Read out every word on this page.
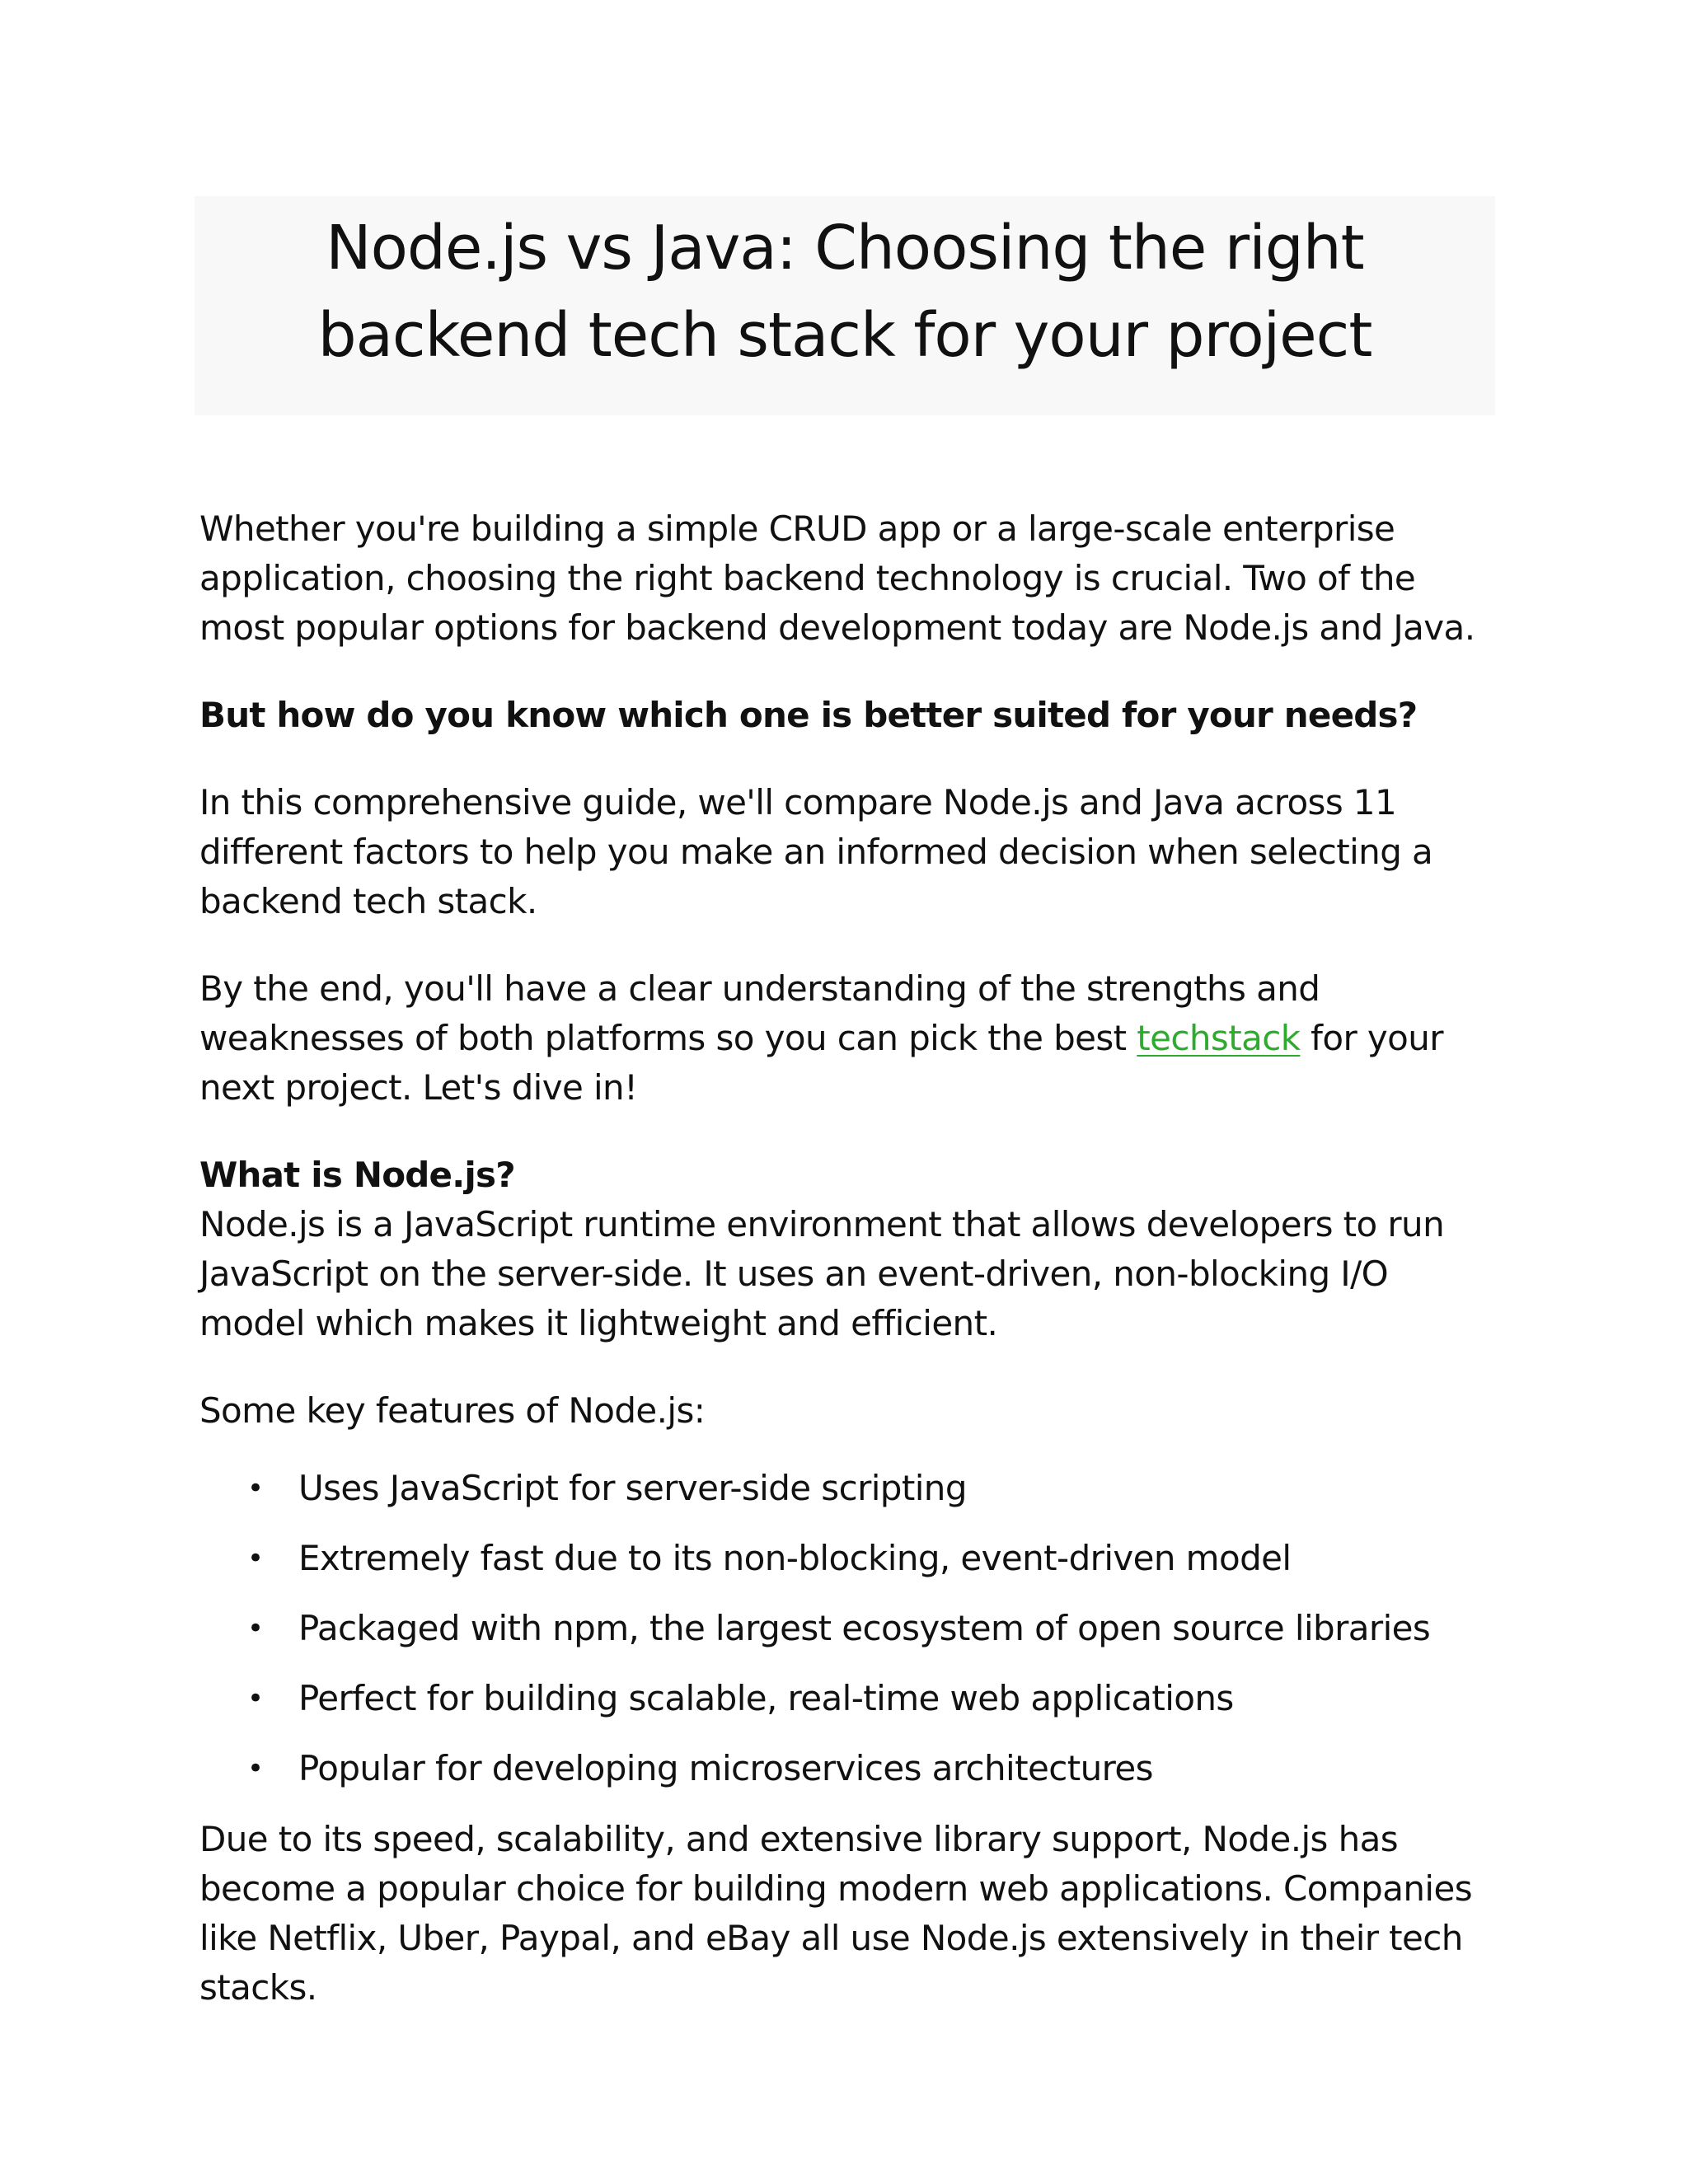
Node.js vs Java: Choosing the right backend tech stack for your project

Whether you're building a simple CRUD app or a large-scale enterprise application, choosing the right backend technology is crucial. Two of the most popular options for backend development today are Node.js and Java.

But how do you know which one is better suited for your needs?

In this comprehensive guide, we'll compare Node.js and Java across 11 different factors to help you make an informed decision when selecting a backend tech stack.

By the end, you'll have a clear understanding of the strengths and weaknesses of both platforms so you can pick the best techstack for your next project. Let's dive in!

What is Node.js?

Node.js is a JavaScript runtime environment that allows developers to run JavaScript on the server-side. It uses an event-driven, non-blocking I/O model which makes it lightweight and efficient.

Some key features of Node.js:

• Uses JavaScript for server-side scripting
• Extremely fast due to its non-blocking, event-driven model
• Packaged with npm, the largest ecosystem of open source libraries
• Perfect for building scalable, real-time web applications
• Popular for developing microservices architectures

Due to its speed, scalability, and extensive library support, Node.js has become a popular choice for building modern web applications. Companies like Netflix, Uber, Paypal, and eBay all use Node.js extensively in their tech stacks.
